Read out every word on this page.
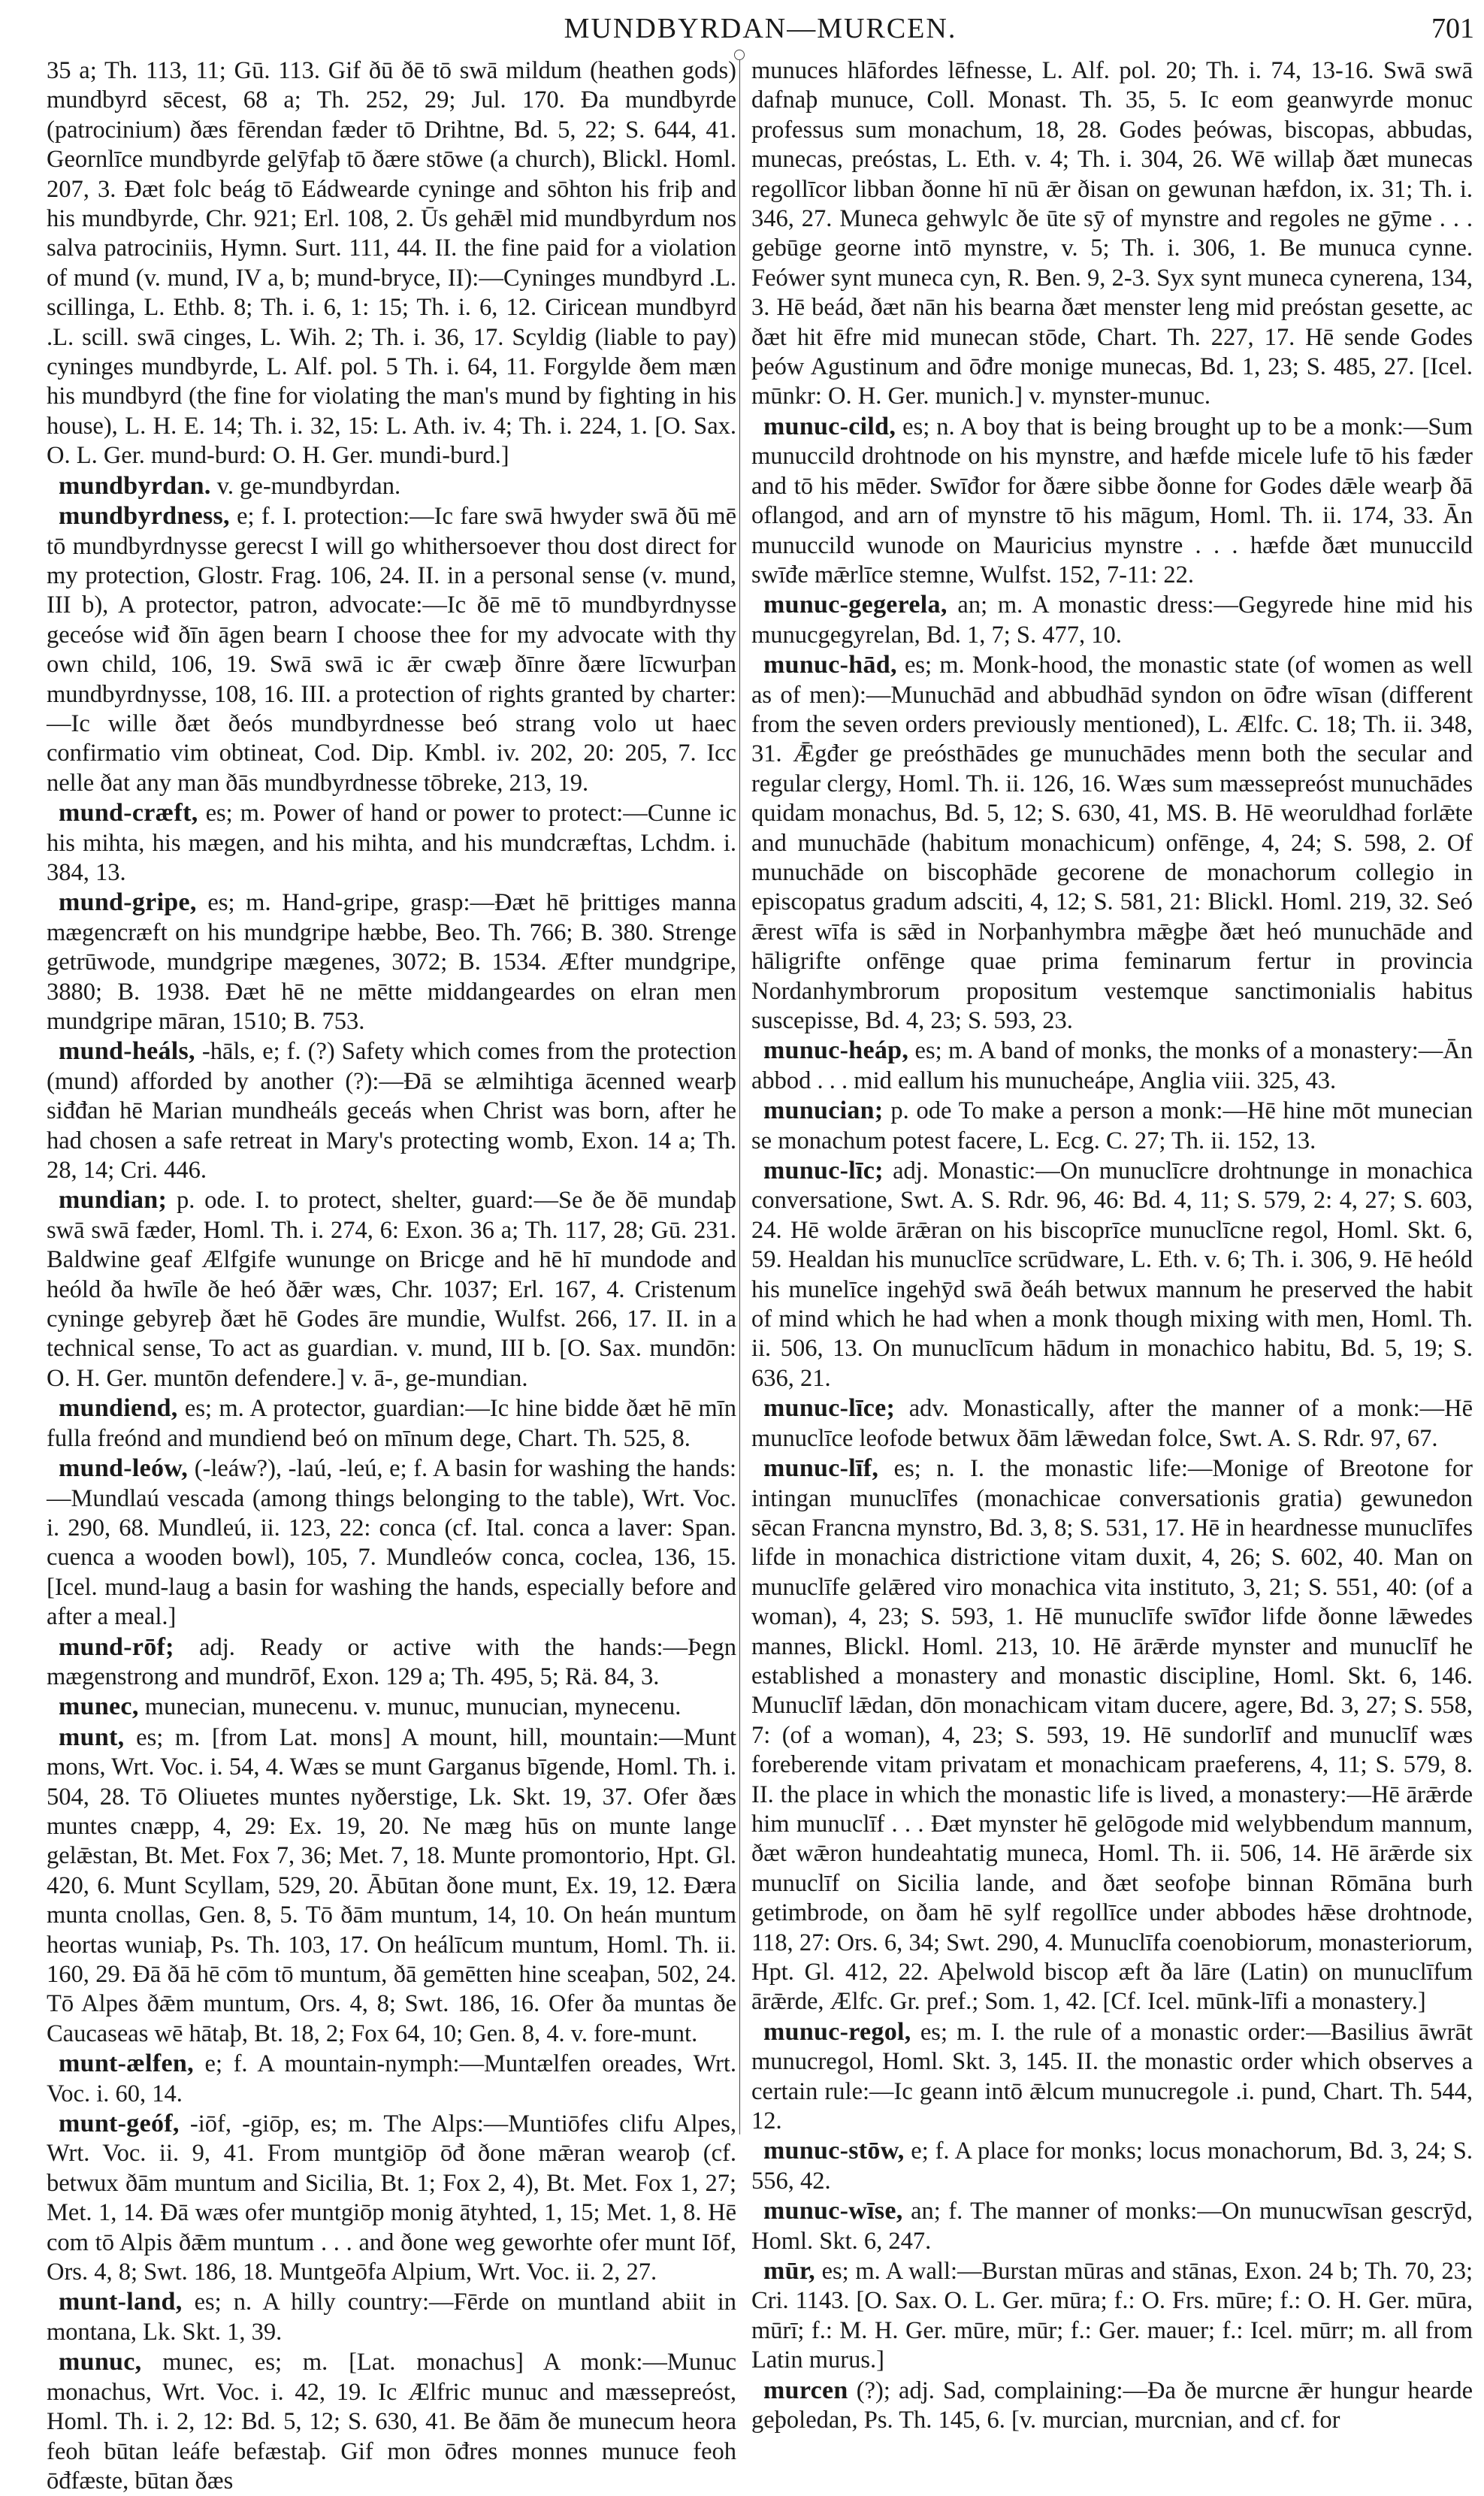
MUNDBYRDAN—MURCEN.	701

35 a; Th. 113, 11; Gū. 113. Gif ðū ðē tō swā mildum (heathen gods) mundbyrd sēcest, 68 a; Th. 252, 29; Jul. 170. Ða mundbyrde (patrocinium) ðæs fērendan fæder tō Drihtne, Bd. 5, 22; S. 644, 41. Geornlīce mundbyrde gelȳfaþ tō ðære stōwe (a church), Blickl. Homl. 207, 3. Ðæt folc beág tō Eádwearde cyninge and sōhton his friþ and his mundbyrde, Chr. 921; Erl. 108, 2. Ūs gehǣl mid mundbyrdum nos salva patrociniis, Hymn. Surt. 111, 44. II. the fine paid for a violation of mund (v. mund, IV a, b; mund-bryce, II):—Cyninges mundbyrd .L. scillinga, L. Ethb. 8; Th. i. 6, 1: 15; Th. i. 6, 12. Ciricean mundbyrd .L. scill. swā cinges, L. Wih. 2; Th. i. 36, 17. Scyldig (liable to pay) cyninges mundbyrde, L. Alf. pol. 5 Th. i. 64, 11. Forgylde ðem mæn his mundbyrd (the fine for violating the man's mund by fighting in his house), L. H. E. 14; Th. i. 32, 15: L. Ath. iv. 4; Th. i. 224, 1. [O. Sax. O. L. Ger. mund-burd: O. H. Ger. mundi-burd.]

mundbyrdan. v. ge-mundbyrdan.

mundbyrdness, e; f. I. protection:—Ic fare swā hwyder swā ðū mē tō mundbyrdnysse gerecst I will go whithersoever thou dost direct for my protection, Glostr. Frag. 106, 24. II. in a personal sense (v. mund, III b), A protector, patron, advocate:—Ic ðē mē tō mundbyrdnysse geceóse wiđ ðīn āgen bearn I choose thee for my advocate with thy own child, 106, 19. Swā swā ic ǣr cwæþ ðīnre ðære līcwurþan mundbyrdnysse, 108, 16. III. a protection of rights granted by charter:—Ic wille ðæt ðeós mundbyrdnesse beó strang volo ut haec confirmatio vim obtineat, Cod. Dip. Kmbl. iv. 202, 20: 205, 7. Icc nelle ðat any man ðās mundbyrdnesse tōbreke, 213, 19.

mund-cræft, es; m. Power of hand or power to protect:—Cunne ic his mihta, his mægen, and his mihta, and his mundcræftas, Lchdm. i. 384, 13.

mund-gripe, es; m. Hand-gripe, grasp:—Ðæt hē þrittiges manna mægencræft on his mundgripe hæbbe, Beo. Th. 766; B. 380. Strenge getrūwode, mundgripe mægenes, 3072; B. 1534. Æfter mundgripe, 3880; B. 1938. Ðæt hē ne mētte middangeardes on elran men mundgripe māran, 1510; B. 753.

mund-heáls, -hāls, e; f. (?) Safety which comes from the protection (mund) afforded by another (?):—Ðā se ælmihtiga ācenned wearþ siđđan hē Marian mundheáls geceás when Christ was born, after he had chosen a safe retreat in Mary's protecting womb, Exon. 14 a; Th. 28, 14; Cri. 446.

mundian; p. ode. I. to protect, shelter, guard:—Se ðe ðē mundaþ swā swā fæder, Homl. Th. i. 274, 6: Exon. 36 a; Th. 117, 28; Gū. 231. Baldwine geaf Ælfgife wununge on Bricge and hē hī mundode and heóld ða hwīle ðe heó ðǣr wæs, Chr. 1037; Erl. 167, 4. Cristenum cyninge gebyreþ ðæt hē Godes āre mundie, Wulfst. 266, 17. II. in a technical sense, To act as guardian. v. mund, III b. [O. Sax. mundōn: O. H. Ger. muntōn defendere.] v. ā-, ge-mundian.

mundiend, es; m. A protector, guardian:—Ic hine bidde ðæt hē mīn fulla freónd and mundiend beó on mīnum dege, Chart. Th. 525, 8.

mund-leów, (-leáw?), -laú, -leú, e; f. A basin for washing the hands:—Mundlaú vescada (among things belonging to the table), Wrt. Voc. i. 290, 68. Mundleú, ii. 123, 22: conca (cf. Ital. conca a laver: Span. cuenca a wooden bowl), 105, 7. Mundleów conca, coclea, 136, 15. [Icel. mund-laug a basin for washing the hands, especially before and after a meal.]

mund-rōf; adj. Ready or active with the hands:—Þegn mægenstrong and mundrōf, Exon. 129 a; Th. 495, 5; Rä. 84, 3.

munec, munecian, munecenu. v. munuc, munucian, mynecenu.

munt, es; m. [from Lat. mons] A mount, hill, mountain:—Munt mons, Wrt. Voc. i. 54, 4. Wæs se munt Garganus bīgende, Homl. Th. i. 504, 28. Tō Oliuetes muntes nyðerstige, Lk. Skt. 19, 37. Ofer ðæs muntes cnæpp, 4, 29: Ex. 19, 20. Ne mæg hūs on munte lange gelǣstan, Bt. Met. Fox 7, 36; Met. 7, 18. Munte promontorio, Hpt. Gl. 420, 6. Munt Scyllam, 529, 20. Ābūtan ðone munt, Ex. 19, 12. Ðæra munta cnollas, Gen. 8, 5. Tō ðām muntum, 14, 10. On heán muntum heortas wuniaþ, Ps. Th. 103, 17. On heálīcum muntum, Homl. Th. ii. 160, 29. Ðā ðā hē cōm tō muntum, ðā gemētten hine sceaþan, 502, 24. Tō Alpes ðǣm muntum, Ors. 4, 8; Swt. 186, 16. Ofer ða muntas ðe Caucaseas wē hātaþ, Bt. 18, 2; Fox 64, 10; Gen. 8, 4. v. fore-munt.

munt-ælfen, e; f. A mountain-nymph:—Muntælfen oreades, Wrt. Voc. i. 60, 14.

munt-geóf, -iōf, -giōp, es; m. The Alps:—Muntiōfes clifu Alpes, Wrt. Voc. ii. 9, 41. From muntgiōp ōđ ðone mǣran wearoþ (cf. betwux ðām muntum and Sicilia, Bt. 1; Fox 2, 4), Bt. Met. Fox 1, 27; Met. 1, 14. Ðā wæs ofer muntgiōp monig ātyhted, 1, 15; Met. 1, 8. Hē com tō Alpis ðǣm muntum . . . and ðone weg geworhte ofer munt Iōf, Ors. 4, 8; Swt. 186, 18. Muntgeōfa Alpium, Wrt. Voc. ii. 2, 27.

munt-land, es; n. A hilly country:—Fērde on muntland abiit in montana, Lk. Skt. 1, 39.

munuc, munec, es; m. [Lat. monachus] A monk:—Munuc monachus, Wrt. Voc. i. 42, 19. Ic Ælfric munuc and mæssepreóst, Homl. Th. i. 2, 12: Bd. 5, 12; S. 630, 41. Be ðām ðe munecum heora feoh būtan leáfe befæstaþ. Gif mon ōđres monnes munuce feoh ōđfæste, būtan ðæs

munuces hlāfordes lēfnesse, L. Alf. pol. 20; Th. i. 74, 13-16. Swā swā dafnaþ munuce, Coll. Monast. Th. 35, 5. Ic eom geanwyrde monuc professus sum monachum, 18, 28. Godes þeówas, biscopas, abbudas, munecas, preóstas, L. Eth. v. 4; Th. i. 304, 26. Wē willaþ ðæt munecas regollīcor libban ðonne hī nū ǣr ðisan on gewunan hæfdon, ix. 31; Th. i. 346, 27. Muneca gehwylc ðe ūte sȳ of mynstre and regoles ne gȳme . . . gebūge georne intō mynstre, v. 5; Th. i. 306, 1. Be munuca cynne. Feówer synt muneca cyn, R. Ben. 9, 2-3. Syx synt muneca cynerena, 134, 3. Hē beád, ðæt nān his bearna ðæt menster leng mid preóstan gesette, ac ðæt hit ēfre mid munecan stōde, Chart. Th. 227, 17. Hē sende Godes þeów Agustinum and ōđre monige munecas, Bd. 1, 23; S. 485, 27. [Icel. mūnkr: O. H. Ger. munich.] v. mynster-munuc.

munuc-cild, es; n. A boy that is being brought up to be a monk:—Sum munuccild drohtnode on his mynstre, and hæfde micele lufe tō his fæder and tō his mēder. Swīđor for ðære sibbe ðonne for Godes dǣle wearþ ðā oflangod, and arn of mynstre tō his māgum, Homl. Th. ii. 174, 33. Ān munuccild wunode on Mauricius mynstre . . . hæfde ðæt munuccild swīđe mǣrlīce stemne, Wulfst. 152, 7-11: 22.

munuc-gegerela, an; m. A monastic dress:—Gegyrede hine mid his munucgegyrelan, Bd. 1, 7; S. 477, 10.

munuc-hād, es; m. Monk-hood, the monastic state (of women as well as of men):—Munuchād and abbudhād syndon on ōđre wīsan (different from the seven orders previously mentioned), L. Ælfc. C. 18; Th. ii. 348, 31. Ǣgđer ge preósthādes ge munuchādes menn both the secular and regular clergy, Homl. Th. ii. 126, 16. Wæs sum mæssepreóst munuchādes quidam monachus, Bd. 5, 12; S. 630, 41, MS. B. Hē weoruldhad forlǣte and munuchāde (habitum monachicum) onfēnge, 4, 24; S. 598, 2. Of munuchāde on biscophāde gecorene de monachorum collegio in episcopatus gradum adsciti, 4, 12; S. 581, 21: Blickl. Homl. 219, 32. Seó ǣrest wīfa is sǣd in Norþanhymbra mǣgþe ðæt heó munuchāde and hāligrifte onfēnge quae prima feminarum fertur in provincia Nordanhymbrorum propositum vestemque sanctimonialis habitus suscepisse, Bd. 4, 23; S. 593, 23.

munuc-heáp, es; m. A band of monks, the monks of a monastery:—Ān abbod . . . mid eallum his munucheápe, Anglia viii. 325, 43.

munucian; p. ode To make a person a monk:—Hē hine mōt munecian se monachum potest facere, L. Ecg. C. 27; Th. ii. 152, 13.

munuc-līc; adj. Monastic:—On munuclīcre drohtnunge in monachica conversatione, Swt. A. S. Rdr. 96, 46: Bd. 4, 11; S. 579, 2: 4, 27; S. 603, 24. Hē wolde ārǣran on his biscoprīce munuclīcne regol, Homl. Skt. 6, 59. Healdan his munuclīce scrūdware, L. Eth. v. 6; Th. i. 306, 9. Hē heóld his munelīce ingehȳd swā ðeáh betwux mannum he preserved the habit of mind which he had when a monk though mixing with men, Homl. Th. ii. 506, 13. On munuclīcum hādum in monachico habitu, Bd. 5, 19; S. 636, 21.

munuc-līce; adv. Monastically, after the manner of a monk:—Hē munuclīce leofode betwux ðām lǣwedan folce, Swt. A. S. Rdr. 97, 67.

munuc-līf, es; n. I. the monastic life:—Monige of Breotone for intingan munuclīfes (monachicae conversationis gratia) gewunedon sēcan Francna mynstro, Bd. 3, 8; S. 531, 17. Hē in heardnesse munuclīfes lifde in monachica districtione vitam duxit, 4, 26; S. 602, 40. Man on munuclīfe gelǣred viro monachica vita instituto, 3, 21; S. 551, 40: (of a woman), 4, 23; S. 593, 1. Hē munuclīfe swīđor lifde ðonne lǣwedes mannes, Blickl. Homl. 213, 10. Hē ārǣrde mynster and munuclīf he established a monastery and monastic discipline, Homl. Skt. 6, 146. Munuclīf lǣdan, dōn monachicam vitam ducere, agere, Bd. 3, 27; S. 558, 7: (of a woman), 4, 23; S. 593, 19. Hē sundorlīf and munuclīf wæs foreberende vitam privatam et monachicam praeferens, 4, 11; S. 579, 8. II. the place in which the monastic life is lived, a monastery:—Hē ārǣrde him munuclīf . . . Ðæt mynster hē gelōgode mid welybbendum mannum, ðæt wǣron hundeahtatig muneca, Homl. Th. ii. 506, 14. Hē ārǣrde six munuclīf on Sicilia lande, and ðæt seofoþe binnan Rōmāna burh getimbrode, on ðam hē sylf regollīce under abbodes hǣse drohtnode, 118, 27: Ors. 6, 34; Swt. 290, 4. Munuclīfa coenobiorum, monasteriorum, Hpt. Gl. 412, 22. Aþelwold biscop æft ða lāre (Latin) on munuclīfum ārǣrde, Ælfc. Gr. pref.; Som. 1, 42. [Cf. Icel. mūnk-līfi a monastery.]

munuc-regol, es; m. I. the rule of a monastic order:—Basilius āwrāt munucregol, Homl. Skt. 3, 145. II. the monastic order which observes a certain rule:—Ic geann intō ǣlcum munucregole .i. pund, Chart. Th. 544, 12.

munuc-stōw, e; f. A place for monks; locus monachorum, Bd. 3, 24; S. 556, 42.

munuc-wīse, an; f. The manner of monks:—On munucwīsan gescrȳd, Homl. Skt. 6, 247.

mūr, es; m. A wall:—Burstan mūras and stānas, Exon. 24 b; Th. 70, 23; Cri. 1143. [O. Sax. O. L. Ger. mūra; f.: O. Frs. mūre; f.: O. H. Ger. mūra, mūrī; f.: M. H. Ger. mūre, mūr; f.: Ger. mauer; f.: Icel. mūrr; m. all from Latin murus.]

murcen (?); adj. Sad, complaining:—Ða ðe murcne ǣr hungur hearde geþoledan, Ps. Th. 145, 6. [v. murcian, murcnian, and cf. for
